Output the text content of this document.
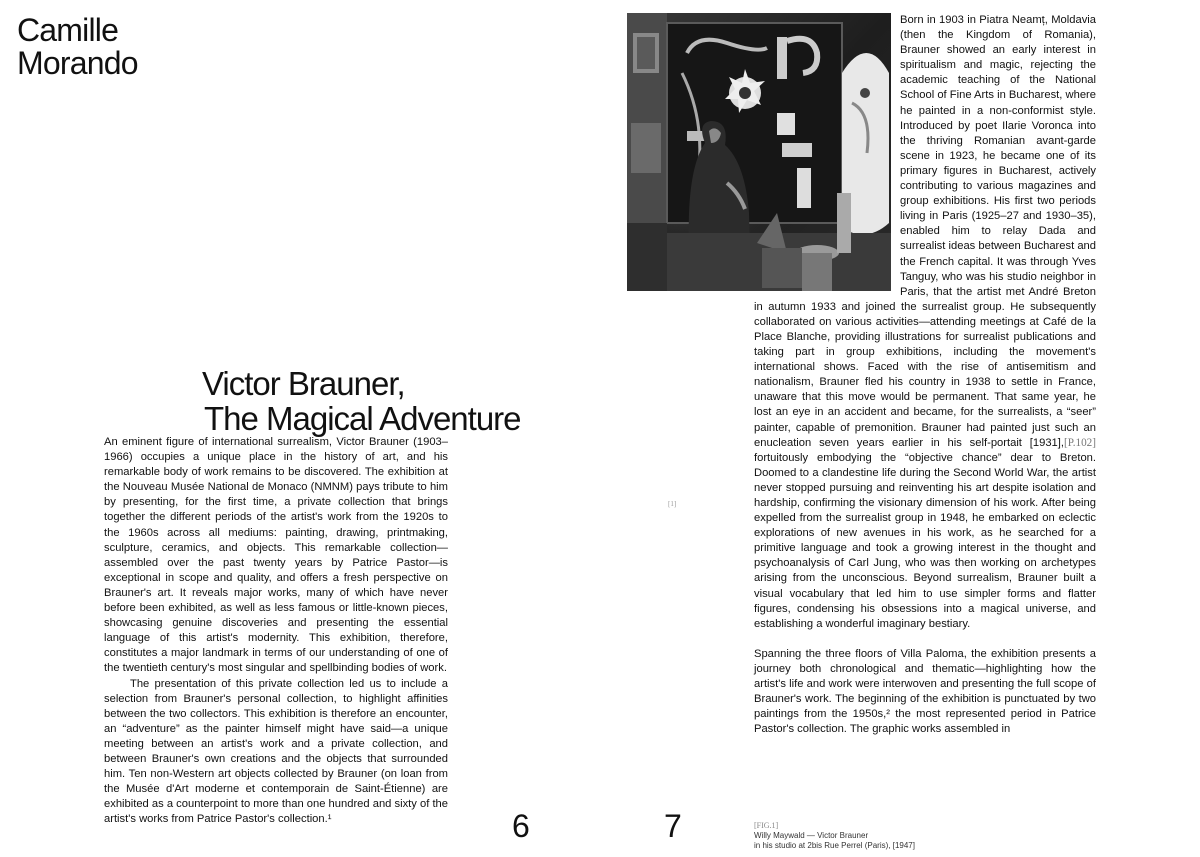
Camille
Morando
Victor Brauner,
The Magical Adventure

An eminent figure of international surrealism, Victor Brauner (1903–1966) occupies a unique place in the history of art, and his remarkable body of work remains to be discovered. The exhibition at the Nouveau Musée National de Monaco (NMNM) pays tribute to him by presenting, for the first time, a private collection that brings together the different periods of the artist's work from the 1920s to the 1960s across all mediums: painting, drawing, printmaking, sculpture, ceramics, and objects. This remarkable collection—assembled over the past twenty years by Patrice Pastor—is exceptional in scope and quality, and offers a fresh perspective on Brauner's art. It reveals major works, many of which have never before been exhibited, as well as less famous or little-known pieces, showcasing genuine discoveries and presenting the essential language of this artist's modernity. This exhibition, therefore, constitutes a major landmark in terms of our understanding of one of the twentieth century's most singular and spellbinding bodies of work.

The presentation of this private collection led us to include a selection from Brauner's personal collection, to highlight affinities between the two collectors. This exhibition is therefore an encounter, an “adventure” as the painter himself might have said—a unique meeting between an artist's work and a private collection, and between Brauner's own creations and the objects that surrounded him. Ten non-Western art objects collected by Brauner (on loan from the Musée d'Art moderne et contemporain de Saint-Étienne) are exhibited as a counterpoint to more than one hundred and sixty of the artist's works from Patrice Pastor's collection.¹	6

Born in 1903 in Piatra Neamț, Moldavia (then the Kingdom of Romania), Brauner showed an early interest in spiritualism and magic, rejecting the academic teaching of the National School of Fine Arts in Bucharest, where he painted in a non-conformist style. Introduced by poet Ilarie Voronca into the thriving Romanian avant-garde scene in 1923, he became one of its primary figures in Bucharest, actively contributing to various magazines and group exhibitions. His first two periods living in Paris (1925–27 and 1930–35), enabled him to relay Dada and surrealist ideas between Bucharest and the French capital. It was through Yves Tanguy, who was his studio neighbor in Paris, that the artist met André Breton in autumn 1933 and joined the surrealist group. He subsequently collaborated on various activities—attending meetings at Café de la Place Blanche, providing illustrations for surrealist publications and taking part in group exhibitions, including the movement's international shows. Faced with the rise of antisemitism and nationalism, Brauner fled his country in 1938 to settle in France, unaware that this move would be permanent. That same year, he lost an eye in an accident and became, for the surrealists, a “seer” painter, capable of premonition. Brauner had painted just such an enucleation seven years earlier in his self-portait [1931],[P.102] fortuitously embodying the “objective chance” dear to Breton. Doomed to a clandestine life during the Second World War, the artist never stopped pursuing and reinventing his art despite isolation and hardship, confirming the visionary dimension of his work. After being expelled from the surrealist group in 1948, he embarked on eclectic explorations of new avenues in his work, as he searched for a primitive language and took a growing interest in the thought and psychoanalysis of Carl Jung, who was then working on archetypes arising from the unconscious. Beyond surrealism, Brauner built a visual vocabulary that led him to use simpler forms and flatter figures, condensing his obsessions into a magical universe, and establishing a wonderful imaginary bestiary.

Spanning the three floors of Villa Paloma, the exhibition presents a journey both chronological and thematic—highlighting how the artist's life and work were interwoven and presenting the full scope of Brauner's work. The beginning of the exhibition is punctuated by two paintings from the 1950s,² the most represented period in Patrice Pastor's collection. The graphic works assembled in

[1]
7	[FIG.1]
Willy Maywald — Victor Brauner
in his studio at 2bis Rue Perrel (Paris), [1947]
